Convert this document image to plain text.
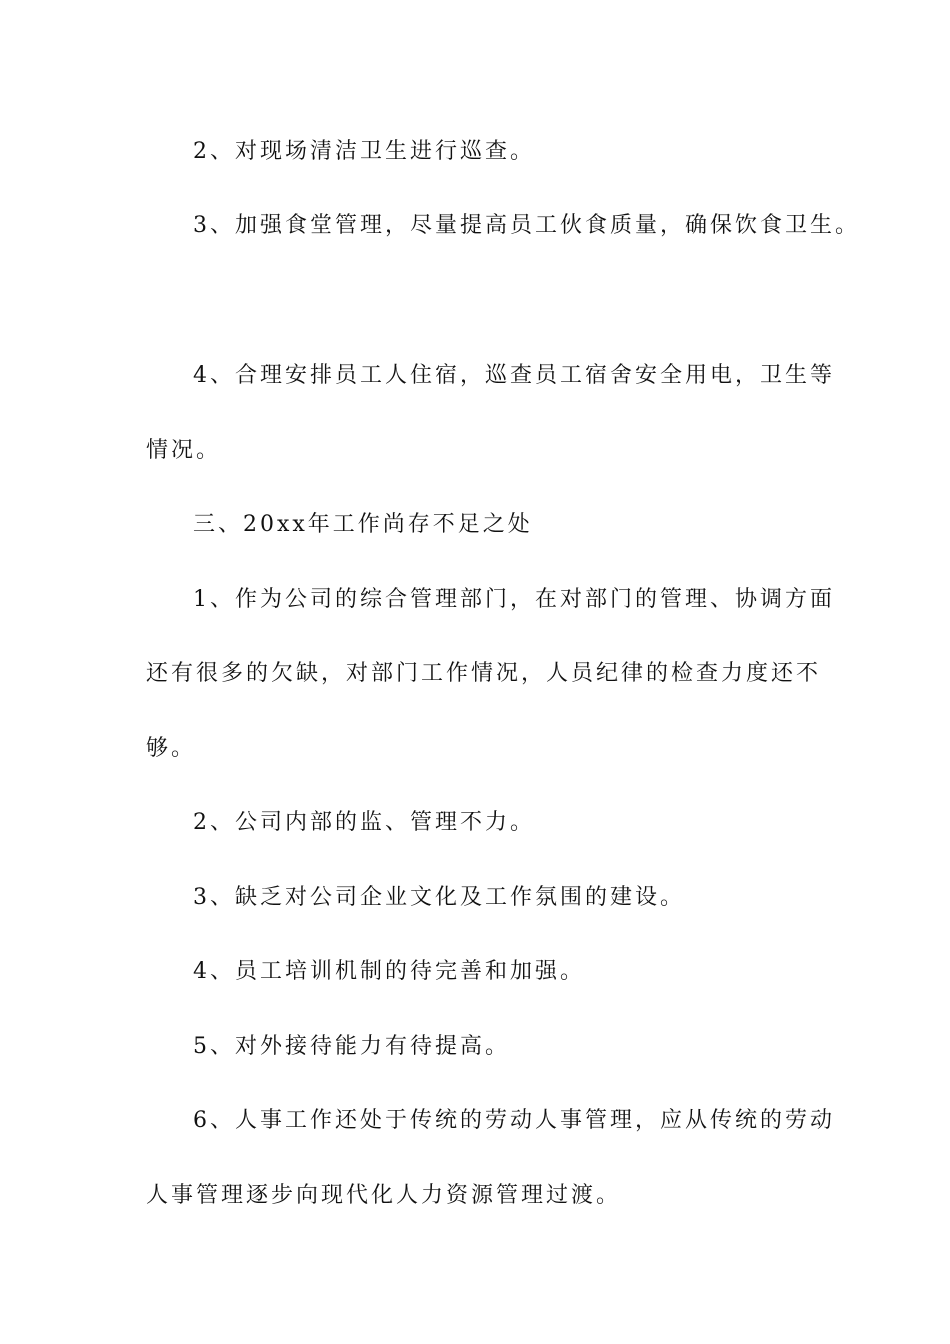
2、对现场清洁卫生进行巡查。

3、加强食堂管理，尽量提高员工伙食质量，确保饮食卫生。

4、合理安排员工人住宿，巡查员工宿舍安全用电，卫生等

情况。

三、20xx年工作尚存不足之处

1、作为公司的综合管理部门，在对部门的管理、协调方面

还有很多的欠缺，对部门工作情况，人员纪律的检查力度还不

够。

2、公司内部的监、管理不力。

3、缺乏对公司企业文化及工作氛围的建设。

4、员工培训机制的待完善和加强。

5、对外接待能力有待提高。

6、人事工作还处于传统的劳动人事管理，应从传统的劳动

人事管理逐步向现代化人力资源管理过渡。
